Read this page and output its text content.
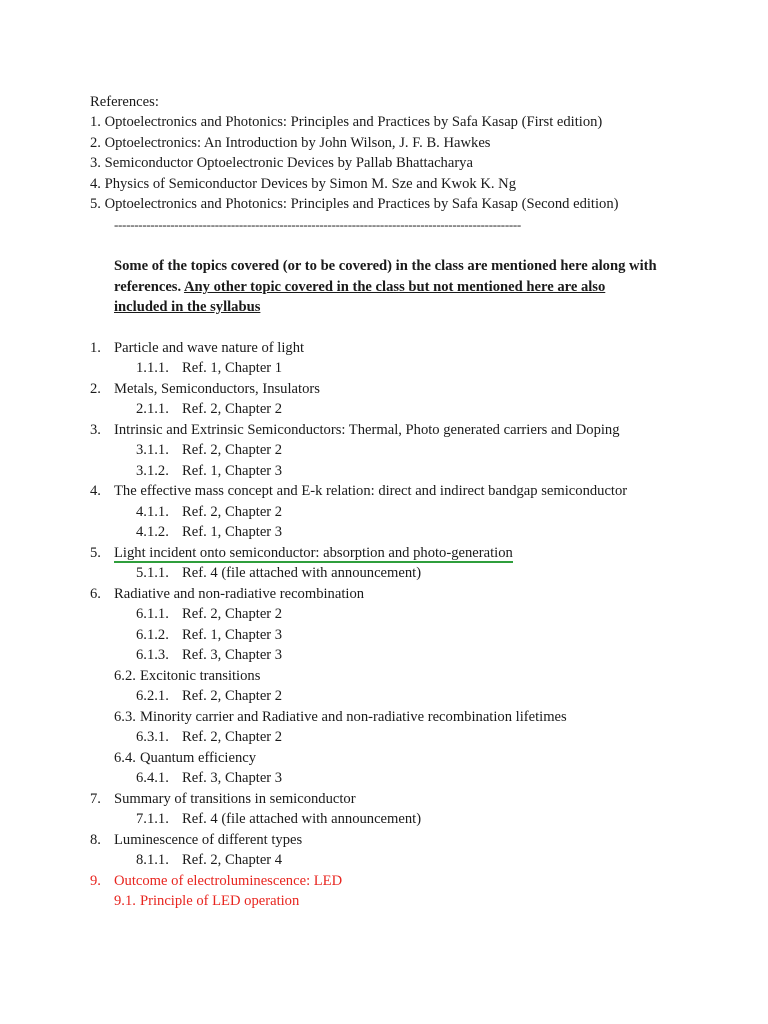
References:
1. Optoelectronics and Photonics: Principles and Practices by Safa Kasap (First edition)
2. Optoelectronics: An Introduction by John Wilson, J. F. B. Hawkes
3. Semiconductor Optoelectronic Devices by Pallab Bhattacharya
4. Physics of Semiconductor Devices by Simon M. Sze and Kwok K. Ng
5. Optoelectronics and Photonics: Principles and Practices by Safa Kasap (Second edition)
-----------------------------------------------------------------------------------------------------
Some of the topics covered (or to be covered) in the class are mentioned here along with
references. Any other topic covered in the class but not mentioned here are also
included in the syllabus
1. Particle and wave nature of light
1.1.1. Ref. 1, Chapter 1
2. Metals, Semiconductors, Insulators
2.1.1. Ref. 2, Chapter 2
3. Intrinsic and Extrinsic Semiconductors: Thermal, Photo generated carriers and Doping
3.1.1. Ref. 2, Chapter 2
3.1.2. Ref. 1, Chapter 3
4. The effective mass concept and E-k relation: direct and indirect bandgap semiconductor
4.1.1. Ref. 2, Chapter 2
4.1.2. Ref. 1, Chapter 3
5. Light incident onto semiconductor: absorption and photo-generation
5.1.1. Ref. 4 (file attached with announcement)
6. Radiative and non-radiative recombination
6.1.1. Ref. 2, Chapter 2
6.1.2. Ref. 1, Chapter 3
6.1.3. Ref. 3, Chapter 3
6.2. Excitonic transitions
6.2.1. Ref. 2, Chapter 2
6.3. Minority carrier and Radiative and non-radiative recombination lifetimes
6.3.1. Ref. 2, Chapter 2
6.4. Quantum efficiency
6.4.1. Ref. 3, Chapter 3
7. Summary of transitions in semiconductor
7.1.1. Ref. 4 (file attached with announcement)
8. Luminescence of different types
8.1.1. Ref. 2, Chapter 4
9. Outcome of electroluminescence: LED
9.1. Principle of LED operation
